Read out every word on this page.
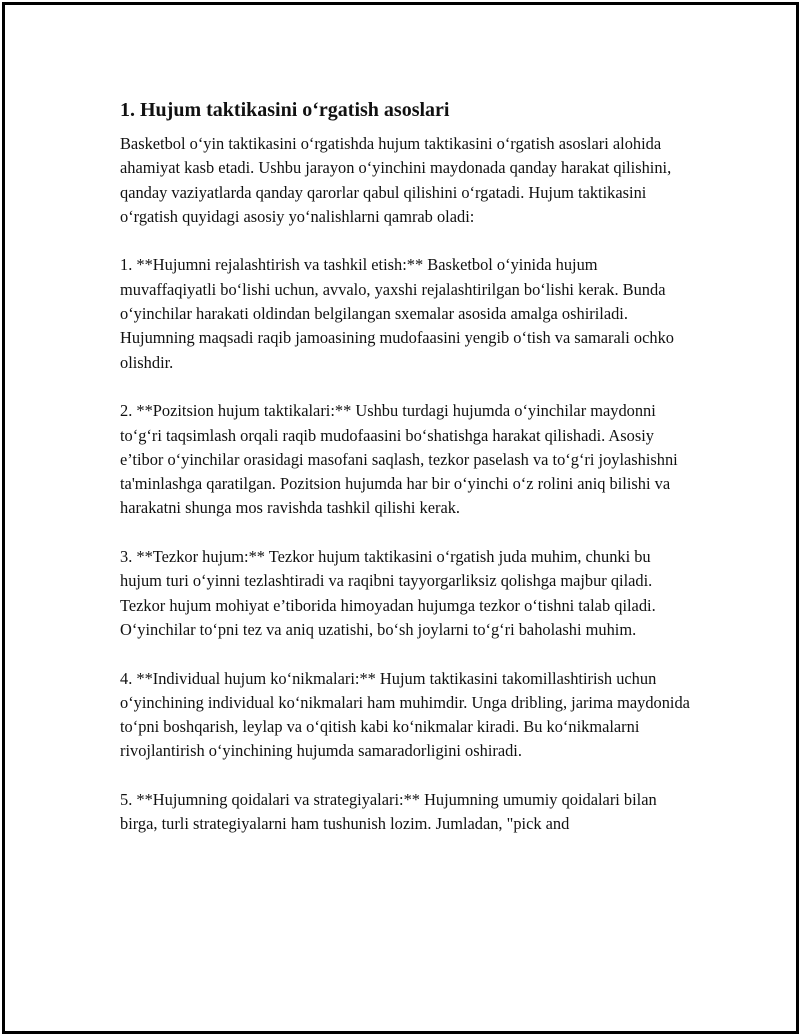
1. Hujum taktikasini o‘rgatish asoslari

Basketbol o‘yin taktikasini o‘rgatishda hujum taktikasini o‘rgatish asoslari alohida ahamiyat kasb etadi. Ushbu jarayon o‘yinchini maydonada qanday harakat qilishini, qanday vaziyatlarda qanday qarorlar qabul qilishini o‘rgatadi. Hujum taktikasini o‘rgatish quyidagi asosiy yo‘nalishlarni qamrab oladi:

1. **Hujumni rejalashtirish va tashkil etish:** Basketbol o‘yinida hujum muvaffaqiyatli bo‘lishi uchun, avvalo, yaxshi rejalashtirilgan bo‘lishi kerak. Bunda o‘yinchilar harakati oldindan belgilangan sxemalar asosida amalga oshiriladi. Hujumning maqsadi raqib jamoasining mudofaasini yengib o‘tish va samarali ochko olishdir.

2. **Pozitsion hujum taktikalari:** Ushbu turdagi hujumda o‘yinchilar maydonni to‘g‘ri taqsimlash orqali raqib mudofaasini bo‘shatishga harakat qilishadi. Asosiy e’tibor o‘yinchilar orasidagi masofani saqlash, tezkor paselash va to‘g‘ri joylashishni ta'minlashga qaratilgan. Pozitsion hujumda har bir o‘yinchi o‘z rolini aniq bilishi va harakatni shunga mos ravishda tashkil qilishi kerak.

3. **Tezkor hujum:** Tezkor hujum taktikasini o‘rgatish juda muhim, chunki bu hujum turi o‘yinni tezlashtiradi va raqibni tayyorgarliksiz qolishga majbur qiladi. Tezkor hujum mohiyat e’tiborida himoyadan hujumga tezkor o‘tishni talab qiladi. O‘yinchilar to‘pni tez va aniq uzatishi, bo‘sh joylarni to‘g‘ri baholashi muhim.

4. **Individual hujum ko‘nikmalari:** Hujum taktikasini takomillashtirish uchun o‘yinchining individual ko‘nikmalari ham muhimdir. Unga dribling, jarima maydonida to‘pni boshqarish, leylap va o‘qitish kabi ko‘nikmalar kiradi. Bu ko‘nikmalarni rivojlantirish o‘yinchining hujumda samaradorligini oshiradi.

5. **Hujumning qoidalari va strategiyalari:** Hujumning umumiy qoidalari bilan birga, turli strategiyalarni ham tushunish lozim. Jumladan, "pick and
